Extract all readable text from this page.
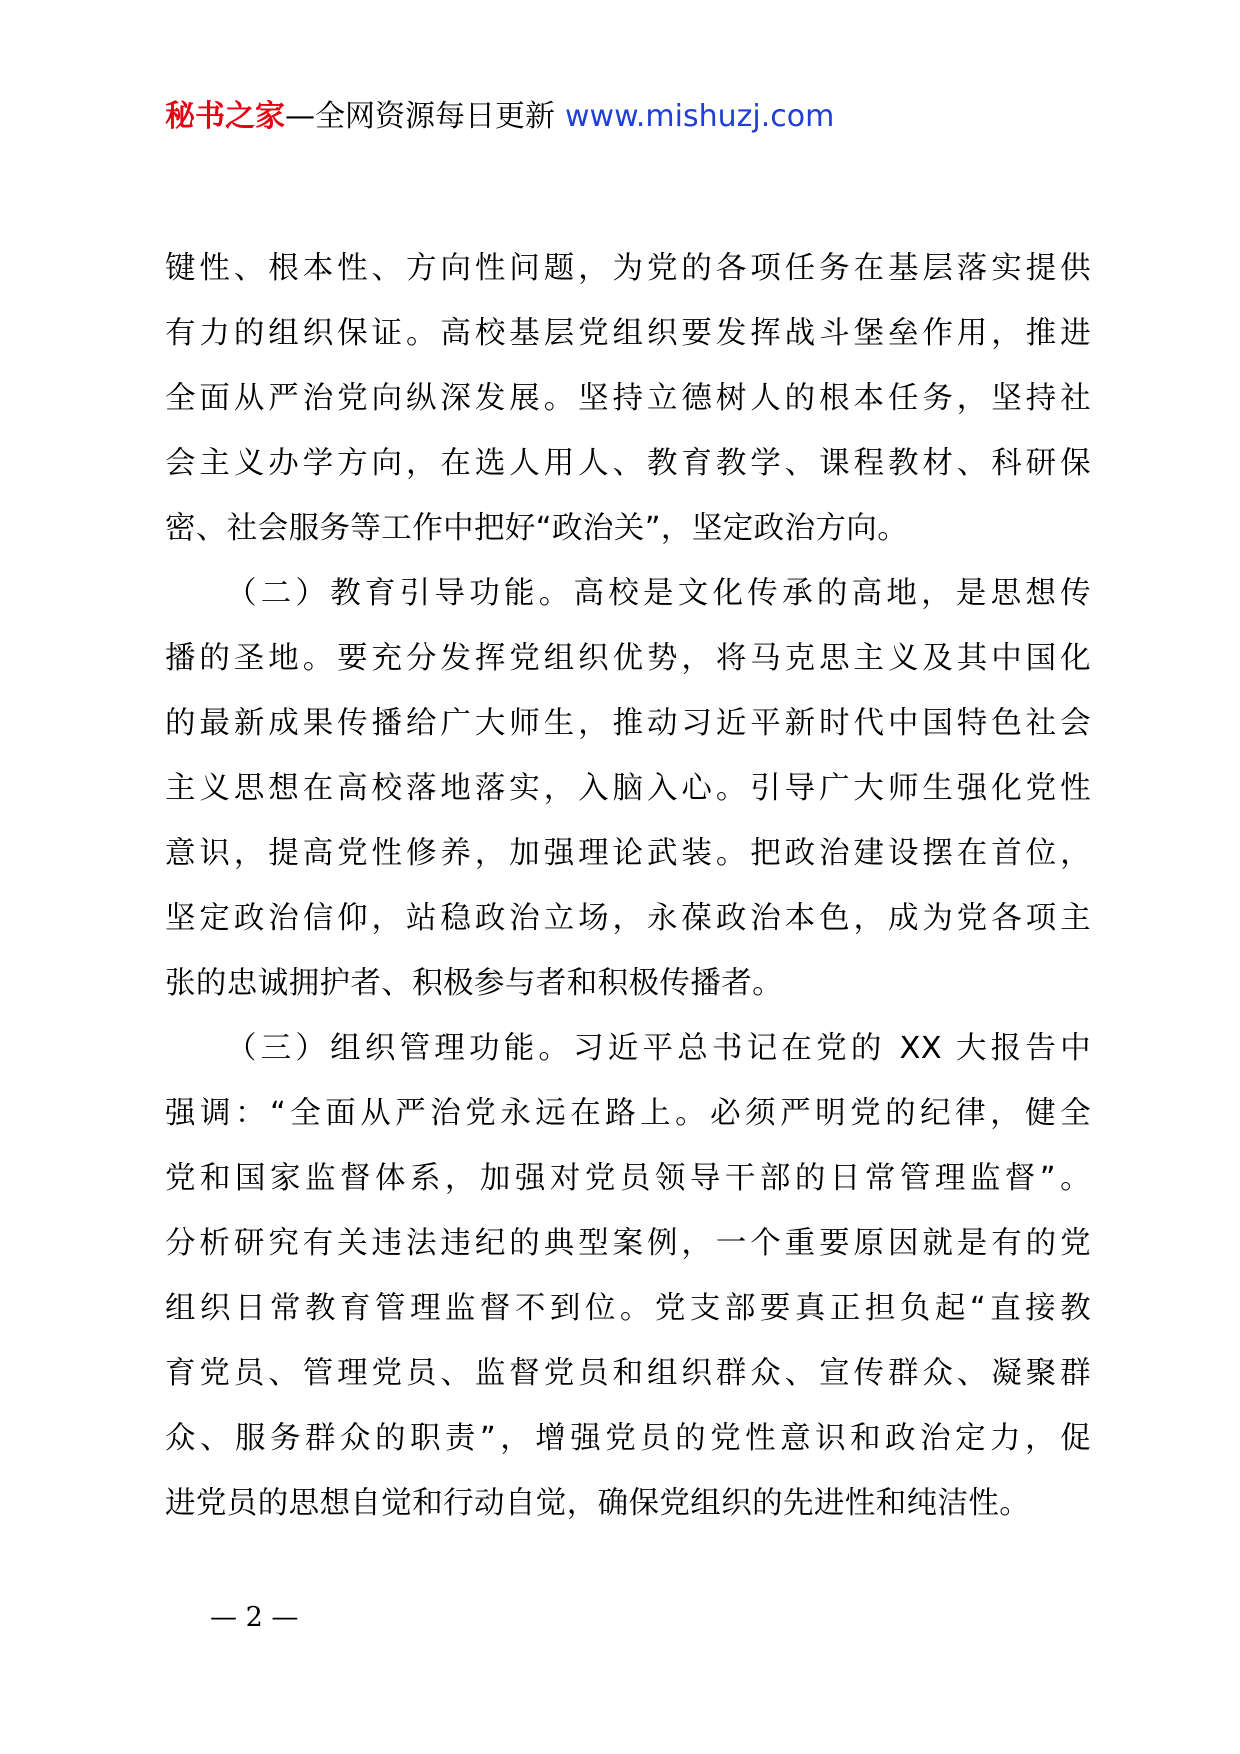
秘书之家—全网资源每日更新 www.mishuzj.com
键性、根本性、方向性问题，为党的各项任务在基层落实提供
有力的组织保证。高校基层党组织要发挥战斗堡垒作用，推进
全面从严治党向纵深发展。坚持立德树人的根本任务，坚持社
会主义办学方向，在选人用人、教育教学、课程教材、科研保
密、社会服务等工作中把好“政治关”，坚定政治方向。
（二）教育引导功能。高校是文化传承的高地，是思想传
播的圣地。要充分发挥党组织优势，将马克思主义及其中国化
的最新成果传播给广大师生，推动习近平新时代中国特色社会
主义思想在高校落地落实，入脑入心。引导广大师生强化党性
意识，提高党性修养，加强理论武装。把政治建设摆在首位，
坚定政治信仰，站稳政治立场，永葆政治本色，成为党各项主
张的忠诚拥护者、积极参与者和积极传播者。
（三）组织管理功能。习近平总书记在党的 XX 大报告中
强调：“全面从严治党永远在路上。必须严明党的纪律，健全
党和国家监督体系，加强对党员领导干部的日常管理监督”。
分析研究有关违法违纪的典型案例，一个重要原因就是有的党
组织日常教育管理监督不到位。党支部要真正担负起“直接教
育党员、管理党员、监督党员和组织群众、宣传群众、凝聚群
众、服务群众的职责”，增强党员的党性意识和政治定力，促
进党员的思想自觉和行动自觉，确保党组织的先进性和纯洁性。
— 2 —
